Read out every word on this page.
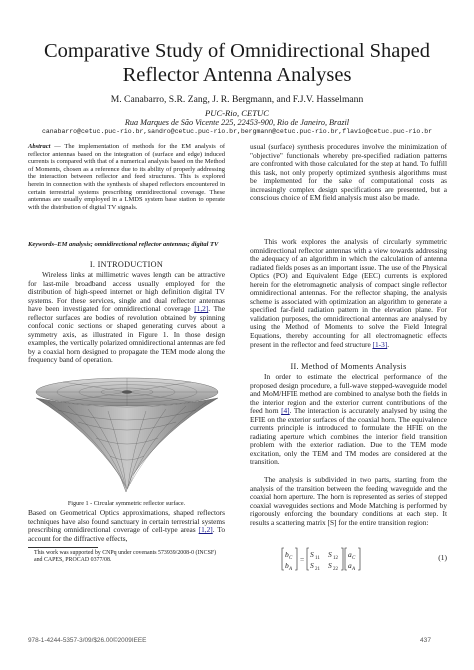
Comparative Study of Omnidirectional Shaped
Reflector Antenna Analyses
M. Canabarro, S.R. Zang, J. R. Bergmann, and F.J.V. Hasselmann
PUC-Rio, CETUC
Rua Marques de São Vicente 225, 22453-900, Rio de Janeiro, Brazil
canabarro@cetuc.puc-rio.br,sandro@cetuc.puc-rio.br,bergmann@cetuc.puc-rio.br,flavio@cetuc.puc-rio.br
Abstract — The implementation of methods for the EM analysis of reflector antennas based on the integration of (surface and edge) induced currents is compared with that of a numerical analysis based on the Method of Moments, chosen as a reference due to its ability of properly addressing the interaction between reflector and feed structures. This is explored herein in connection with the synthesis of shaped reflectors encountered in certain terrestrial systems prescribing omnidirectional coverage. These antennas are usually employed in a LMDS system base station to operate with the distribution of digital TV signals.
Keywords–EM analysis; omnidirectional reflector antennas; digital TV
I. INTRODUCTION
Wireless links at millimetric waves length can be attractive for last-mile broadband access usually employed for the distribution of high-speed internet or high definition digital TV systems. For these services, single and dual reflector antennas have been investigated for omnidirectional coverage [1,2]. The reflector surfaces are bodies of revolution obtained by spinning confocal conic sections or shaped generating curves about a symmetry axis, as illustrated in Figure 1. In those design examples, the vertically polarized omnidirectional antennas are fed by a coaxial horn designed to propagate the TEM mode along the frequency band of operation.
Figure 1 - Circular symmetric reflector surface.
Based on Geometrical Optics approximations, shaped reflectors techniques have also found sanctuary in certain terrestrial systems prescribing omnidirectional coverage of cell-type areas [1,2]. To account for the diffractive effects,
This work was supported by CNPq under covenants 573939/2008-0 (INCSF) and CAPES, PROCAD 0377/08.
usual (surface) synthesis procedures involve the minimization of "objective" functionals whereby pre-specified radiation patterns are confronted with those calculated for the step at hand. To fulfill this task, not only properly optimized synthesis algorithms must be implemented for the sake of computational costs as increasingly complex design specifications are presented, but a conscious choice of EM field analysis must also be made.
This work explores the analysis of circularly symmetric omnidirectional reflector antennas with a view towards addressing the adequacy of an algorithm in which the calculation of antenna radiated fields poses as an important issue. The use of the Physical Optics (PO) and Equivalent Edge (EEC) currents is explored herein for the eletromagnetic analysis of compact single reflector omnidirectional antennas. For the reflector shaping, the analysis scheme is associated with optimization an algorithm to generate a specified far-field radiation pattern in the elevation plane. For validation purposes, the omnidirectional antennas are analysed by using the Method of Moments to solve the Field Integral Equations, thereby accounting for all electromagnetic effects present in the reflector and feed structure [1-3].
II. Method of Moments Analysis
In order to estimate the electrical performance of the proposed design procedure, a full-wave stepped-waveguide model and MoM/HFIE method are combined to analyse both the fields in the interior region and the exterior current contributions of the feed horn [4]. The interaction is accurately analysed by using the EFIE on the exterior surfaces of the coaxial horn. The equivalence currents principle is introduced to formulate the HFIE on the radiating aperture which combines the interior field transition problem with the exterior radiation. Due to the TEM mode excitation, only the TEM and TM modes are considered at the transition.
The analysis is subdivided in two parts, starting from the analysis of the transition between the feeding waveguide and the coaxial horn aperture. The horn is represented as series of stepped coaxial waveguides sections and Mode Matching is performed by rigorously enforcing the boundary conditions at each step. It results a scattering matrix [S] for the entire transition region:
b C
b A
=
S 11 S 12
S 21 S 22
a C
a A
(1)
978-1-4244-5357-3/09/$26.00©2009IEEE	437
